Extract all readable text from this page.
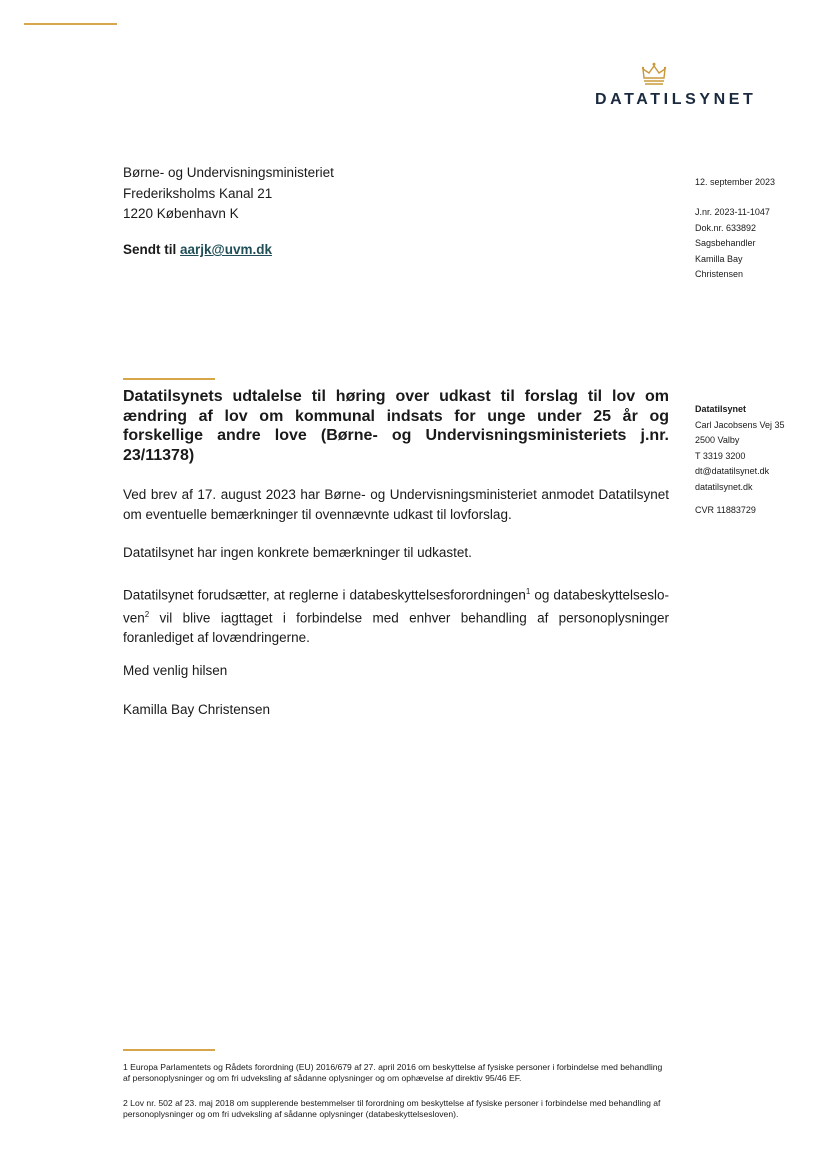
DATATILSYNET
Børne- og Undervisningsministeriet
Frederiksholms Kanal 21
1220 København K
Sendt til aarjk@uvm.dk
12. september 2023
J.nr. 2023-11-1047
Dok.nr. 633892
Sagsbehandler
Kamilla Bay
Christensen
Datatilsynet
Carl Jacobsens Vej 35
2500 Valby
T 3319 3200
dt@datatilsynet.dk
datatilsynet.dk
CVR 11883729
Datatilsynets udtalelse til høring over udkast til forslag til lov om ændring af lov om kommunal indsats for unge under 25 år og forskellige andre love (Børne- og Undervisningsministeriets j.nr. 23/11378)
Ved brev af 17. august 2023 har Børne- og Undervisningsministeriet anmodet Datatilsynet om eventuelle bemærkninger til ovennævnte udkast til lovforslag.
Datatilsynet har ingen konkrete bemærkninger til udkastet.
Datatilsynet forudsætter, at reglerne i databeskyttelsesforordningen$^1$ og databeskyttelsesloven$^2$ vil blive iagttaget i forbindelse med enhver behandling af personoplysninger foranlediget af lovændringerne.
Med venlig hilsen
Kamilla Bay Christensen
1 Europa Parlamentets og Rådets forordning (EU) 2016/679 af 27. april 2016 om beskyttelse af fysiske personer i forbindelse med behandling af personoplysninger og om fri udveksling af sådanne oplysninger og om ophævelse af direktiv 95/46 EF.
2 Lov nr. 502 af 23. maj 2018 om supplerende bestemmelser til forordning om beskyttelse af fysiske personer i forbindelse med behandling af personoplysninger og om fri udveksling af sådanne oplysninger (databeskyttelsesloven).
